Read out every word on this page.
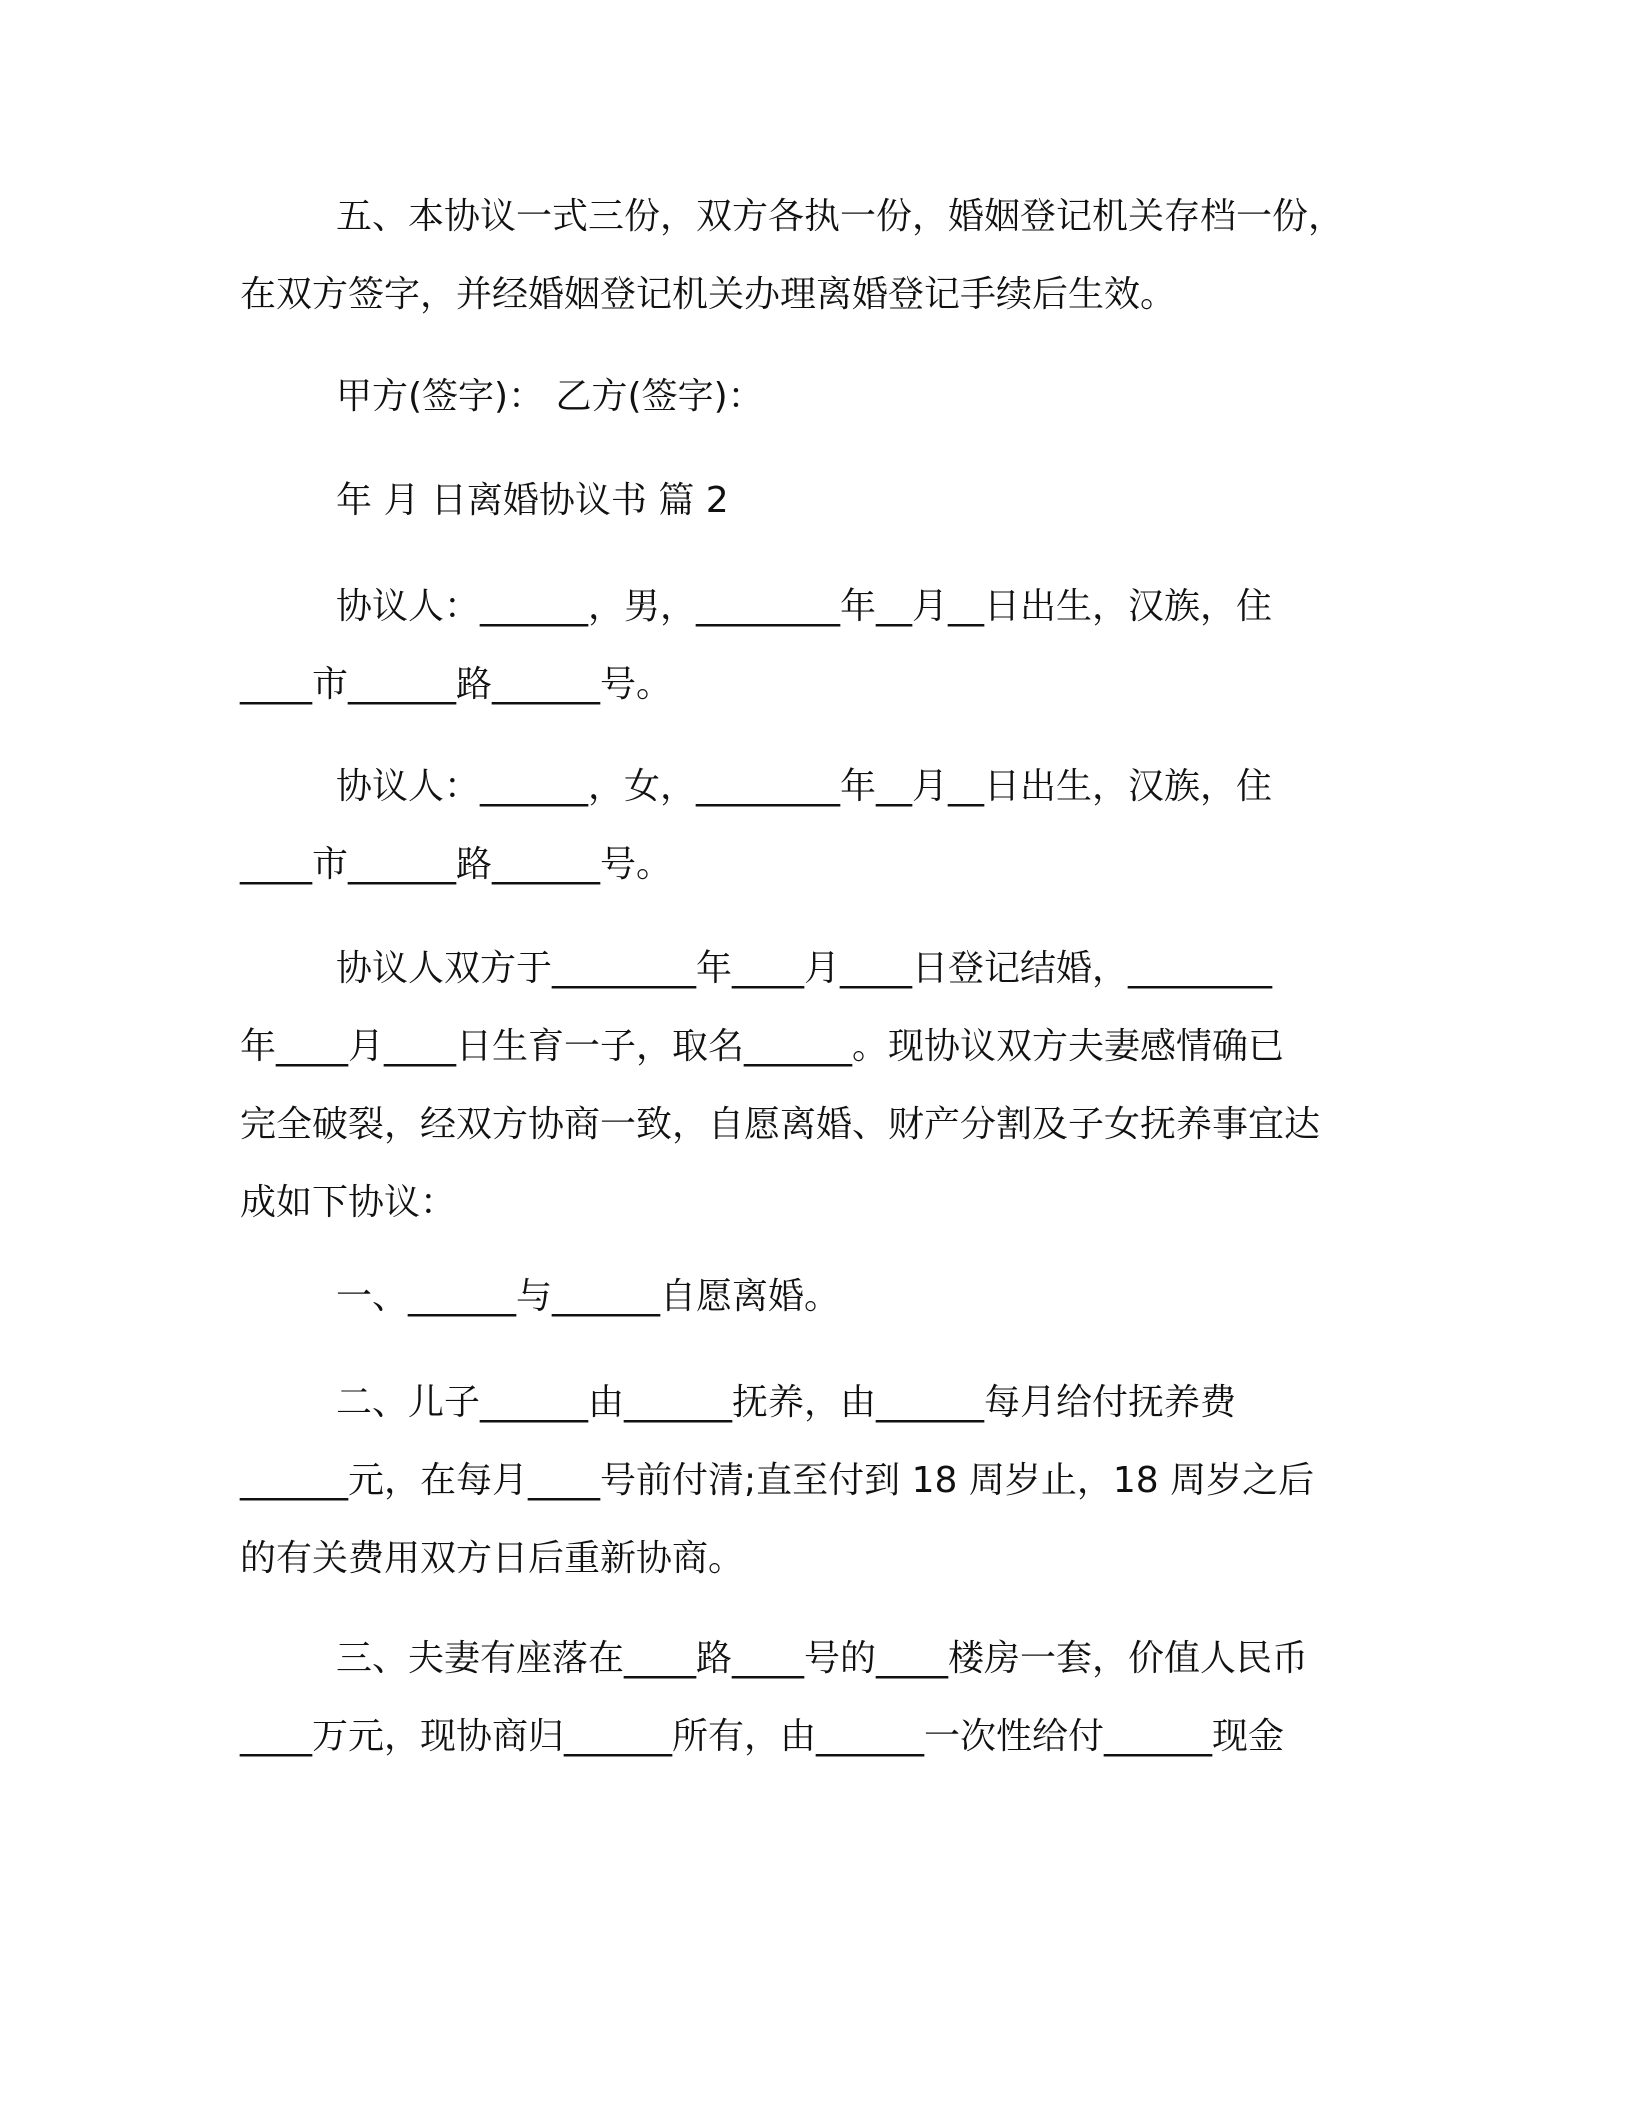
五、本协议一式三份，双方各执一份，婚姻登记机关存档一份，
在双方签字，并经婚姻登记机关办理离婚登记手续后生效。
甲方(签字)： 乙方(签字)：
年 月 日离婚协议书 篇 2
协议人：______，男，________年__月__日出生，汉族，住
____市______路______号。
协议人：______，女，________年__月__日出生，汉族，住
____市______路______号。
协议人双方于________年____月____日登记结婚，________
年____月____日生育一子，取名______。现协议双方夫妻感情确已
完全破裂，经双方协商一致，自愿离婚、财产分割及子女抚养事宜达
成如下协议：
一、______与______自愿离婚。
二、儿子______由______抚养，由______每月给付抚养费
______元，在每月____号前付清;直至付到 18 周岁止，18 周岁之后
的有关费用双方日后重新协商。
三、夫妻有座落在____路____号的____楼房一套，价值人民币
____万元，现协商归______所有，由______一次性给付______现金
